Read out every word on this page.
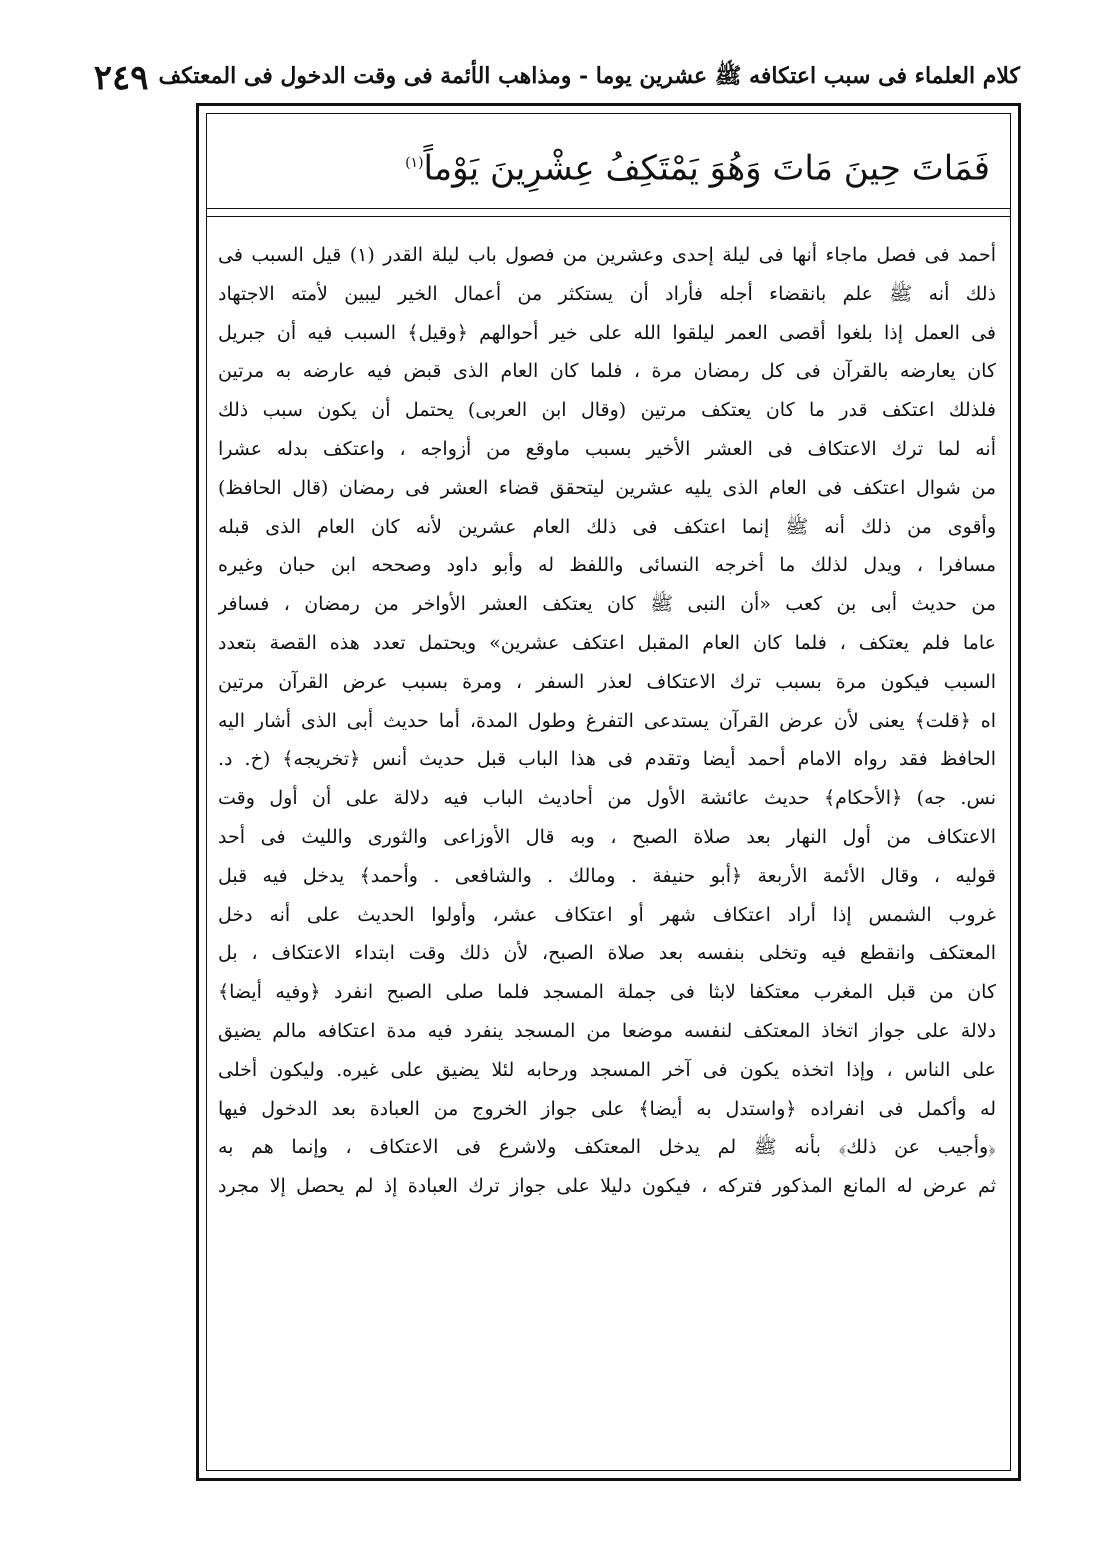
كلام العلماء فى سبب اعتكافه ﷺ عشرين يوما - ومذاهب الأئمة فى وقت الدخول فى المعتكف
٢٤٩
فَمَاتَ حِينَ مَاتَ وَهُوَ يَمْتَكِفُ عِشْرِينَ يَوْماً$^{(١)}$
أحمد فى فصل ماجاء أنها فى ليلة إحدى وعشرين من فصول باب ليلة القدر (١) قيل السبب فى
ذلك أنه ﷺ علم بانقضاء أجله فأراد أن يستكثر من أعمال الخير ليبين لأمته الاجتهاد
فى العمل إذا بلغوا أقصى العمر ليلقوا الله على خير أحوالهم ﴿وقيل﴾ السبب فيه أن جبريل
كان يعارضه بالقرآن فى كل رمضان مرة ، فلما كان العام الذى قبض فيه عارضه به مرتين
فلذلك اعتكف قدر ما كان يعتكف مرتين (وقال ابن العربى) يحتمل أن يكون سبب ذلك
أنه لما ترك الاعتكاف فى العشر الأخير بسبب ماوقع من أزواجه ، واعتكف بدله عشرا
من شوال اعتكف فى العام الذى يليه عشرين ليتحقق قضاء العشر فى رمضان (قال الحافظ)
وأقوى من ذلك أنه ﷺ إنما اعتكف فى ذلك العام عشرين لأنه كان العام الذى قبله
مسافرا ، ويدل لذلك ما أخرجه النسائى واللفظ له وأبو داود وصححه ابن حبان وغيره
من حديث أبى بن كعب «أن النبى ﷺ كان يعتكف العشر الأواخر من رمضان ، فسافر
عاما فلم يعتكف ، فلما كان العام المقبل اعتكف عشرين» ويحتمل تعدد هذه القصة بتعدد
السبب فيكون مرة بسبب ترك الاعتكاف لعذر السفر ، ومرة بسبب عرض القرآن مرتين
اه ﴿قلت﴾ يعنى لأن عرض القرآن يستدعى التفرغ وطول المدة، أما حديث أبى الذى أشار اليه
الحافظ فقد رواه الامام أحمد أيضا وتقدم فى هذا الباب قبل حديث أنس ﴿تخريجه﴾ (خ. د.
نس. جه) ﴿الأحكام﴾ حديث عائشة الأول من أحاديث الباب فيه دلالة على أن أول وقت
الاعتكاف من أول النهار بعد صلاة الصبح ، وبه قال الأوزاعى والثورى والليث فى أحد
قوليه ، وقال الأئمة الأربعة ﴿أبو حنيفة . ومالك . والشافعى . وأحمد﴾ يدخل فيه قبل
غروب الشمس إذا أراد اعتكاف شهر أو اعتكاف عشر، وأولوا الحديث على أنه دخل
المعتكف وانقطع فيه وتخلى بنفسه بعد صلاة الصبح، لأن ذلك وقت ابتداء الاعتكاف ، بل
كان من قبل المغرب معتكفا لابثا فى جملة المسجد فلما صلى الصبح انفرد ﴿وفيه أيضا﴾
دلالة على جواز اتخاذ المعتكف لنفسه موضعا من المسجد ينفرد فيه مدة اعتكافه مالم يضيق
على الناس ، وإذا اتخذه يكون فى آخر المسجد ورحابه لئلا يضيق على غيره. وليكون أخلى
له وأكمل فى انفراده ﴿واستدل به أيضا﴾ على جواز الخروج من العبادة بعد الدخول فيها
﴿وأجيب عن ذلك﴾ بأنه ﷺ لم يدخل المعتكف ولاشرع فى الاعتكاف ، وإنما هم به
ثم عرض له المانع المذكور فتركه ، فيكون دليلا على جواز ترك العبادة إذ لم يحصل إلا مجرد
